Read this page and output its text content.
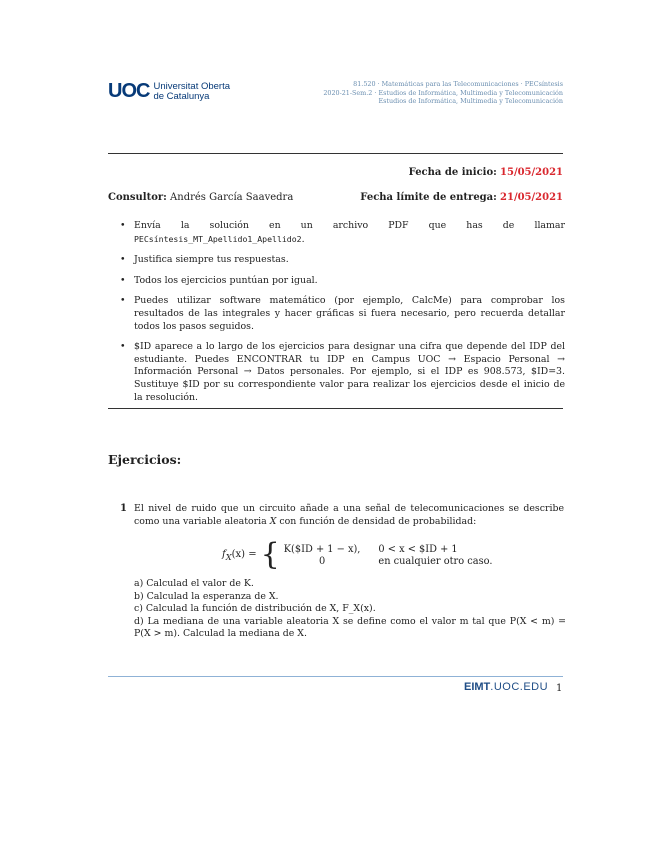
UOC Universitat Oberta
de Catalunya
81.520 · Matemáticas para las Telecomunicaciones · PECsíntesis
2020-21-Sem.2 · Estudios de Informática, Multimedia y Telecomunicación
Estudios de Informática, Multimedia y Telecomunicación
Fecha de inicio: 15/05/2021
Consultor: Andrés García Saavedra	Fecha límite de entrega: 21/05/2021
• Envía la solución en un archivo PDF que has de llamar PECsíntesis_MT_Apellido1_Apellido2.
• Justifica siempre tus respuestas.
• Todos los ejercicios puntúan por igual.
• Puedes utilizar software matemático (por ejemplo, CalcMe) para comprobar los resultados de las integrales y hacer gráficas si fuera necesario, pero recuerda detallar todos los pasos seguidos.
• $ID aparece a lo largo de los ejercicios para designar una cifra que depende del IDP del estudiante. Puedes ENCONTRAR tu IDP en Campus UOC → Espacio Personal → Información Personal → Datos personales. Por ejemplo, si el IDP es 908.573, $ID=3. Sustituye $ID por su correspondiente valor para realizar los ejercicios desde el inicio de la resolución.
Ejercicios:
1 El nivel de ruido que un circuito añade a una señal de telecomunicaciones se describe como una variable aleatoria X con función de densidad de probabilidad:
$f_X(x)$ = { K($ID + 1 − x), 0 < x < $ID + 1
0	en cualquier otro caso.
a) Calculad el valor de K.
b) Calculad la esperanza de X.
c) Calculad la función de distribución de X, F_X(x).
d) La mediana de una variable aleatoria X se define como el valor m tal que P(X < m) = P(X > m). Calculad la mediana de X.
EIMT.UOC.EDU 1
